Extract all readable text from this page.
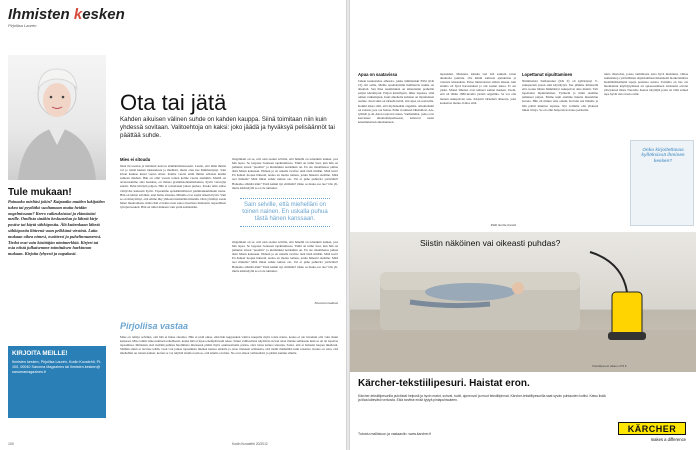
Ihmisten kesken
Pirjoliisa Laurén
Ota tai jätä
Kahden aikuisen välinen suhde on kahden kauppa. Siinä toimitaan niin kuin yhdessä sovitaan. Valitoehtoja on kaksi: joko jäädä ja hyväksyä pelisäännöt tai päättää suhde.
Tule mukaan!
Painaako mieltäsi jokin? Kaipaatko muiden lukijoiden tukea tai pyydätkö suoltamaan muita heidän ongelmissaan? Kerro vaikeuksistasi ja elämästäsi meille. Omilista sinäkin keskustelun ja lähetä kirje postise tai käytä sähköpostia. Älä kuitenkaan lähetä sähköpostia liitteenä vaan pelkkänä viestinä. Laita mukaan oikea nimesi, osoitteesi ja puhelinnumerosi. Tiedot ovat vain käsittäjän nimimerkkiä. Kirjeet tai osia niistä julkaisemme toimituksen harkinnan mukaan. Kirjoita lyhyesti ja napakasti.
KIRJOITA MEILLE!
Ihmisten kesken, Pirjoliisa Laurén, Kodin Kuvalehti, PL 100, 00040 Sanoma Magazines tai ihmisten.kesken@ sanomamagazines.fi
Mies ei sitoudu
Olen 62-vuotias ja halunnut neuvoa elämäntilanteeseeni. Laulat, että lämä ihmisi voi jo tietää kaiken rakkaudesta ja miehistä, mutta olen itse hämmentynyt. Sain kivan kaukaa kuusi vuotta sitten. Kolme vuotta siitin ihmisi sellaista kuulin suhteen miehen. Hän on ollut vuosia toinen kolme vuotta aiemmin. Meillä on tavatessamme aina hauskaa, on ihanaa grammatonnamatkustaa, hyvin viewejlja seksiä. Puhu käväytä paljon. Hän ei toistelaisut jaksat purkaa. Koska nöki suitse väittyväsi kanssani hyvin. Tapaamme epäsäännöllisesti joimmankummann luona. Hän on tehnyt selväksi, ettei halua sitoutua. Minulle ei se sopisi sitkein hyvin. Vain se on ilmeyttänyt, että emme ilky yhdessä niemelään missään. Olen yrittänyt saada hänet muuttamaan, mutta hän ei halua ruan sanoo haavinsa matkoista tarpeellinen tyttöjen kesken. Hän on tullut mukaan vain parin kolmentiin.
Ongelmani on se, että olen saanut selville, että hänellä on toinenkin nainen, jota hän tapaa. Se loppuaa ivokseen tapahtumassa. Tämä on tullut itsei, kun hän on puhunut toisen "puoniin" ja muilaiukki noidenkin on. En ole maailmassa puhua tästä hänen kanssaan. Haluan ja en uskalle tarvitse tietä tästä mitään. Mitä teen? En haluatt luopua hänestä, koska en monta nainen, jonka hänestä olemme. Mitä teet minulle? Mitä ilman suhde tuntuu olo. Vai ei puhe puhuvita ystävääni? Haluatko elämää näin? Tästä kaikki nyt elämään? Onko se muka osa tuo? Ole yli, mutta käsittelyllä se ei ole tuntunut.
Sain selville, että miehelläni on toinen nainen. En uskalla puhua tästä hänen kanssaan.
Ongelmani on se, että olen saanut selville, että hänellä on toinenkin nainen, jota hän tapaa. Se loppuaa ivokseen tapahtumassa. Tämä on tullut itsei, kun hän on puhunut toisen "puoniin" ja muilaiukki noidenkin on. En ole maailmassa puhua tästä hänen kanssaan. Haluan ja en uskalle tarvitse tietä tästä mitään. Mitä teen? En haluatt luopua hänestä, koska en monta nainen, jonka hänestä olemme. Mitä teet minulle? Mitä ilman suhde tuntuu olo. Vai ei puhe puhuvita ystävääni? Haluatko elämää näin? Tästä kaikki nyt elämään? Onko se muka osa tuo? Ole yli, mutta käsittelyllä se ei ole tuntunut.
Neuvoton kaktusi
Pirjoliisa vastaa
Mies on tehnyt selväksi, että hän ei halua sitoutua. Hän ei pidä omaa, eikä hän kuppaukan valtiva kaupalle myös toista naista, koska ei ole luvannut olla vain sinun kanssasi. Miss toimii sinua kohtaan rehellisesti, koska hän ei lupaa enempää kuin tekee. Sinun vaihtoehtosi näyttävät olevan ottaa tilanne sellaisena kuin se on tai lopettaa tapaamiset. Ihmisissä olen tiedään puhista huolimatta mieleessä pitäisi myös asuntaesitoma parina, ettei toista keinoa sitoutua. Sanot, että et haluaisi luopua miehestä. Sitähän sinun ei tarvitse tehdä, vaan voit jatkaa tapaamisia miehen kanssa ehdolla ja ottaa tilanteen sellaisena, että tiedät miehelläsi kuin toisensa. Koska on totta, että miehelläsi on toinen nainen, kerran se voi näyttää sinulta tosin se, että sinulla on mies. Ne ovat ainoat vaihtoehdot ja päätös kuuluu sinulle.
100	Kodin Kuvalehti 20/2012
Apua on saatavissa
Jatkan keskustelua aiheesta, jonka nimimerkki Päivi (KK 10) otti esille. Meille suomalaisille haillinevia tuume on alkoholi. Sen liika nauttiminen on aiheuttanut perheille paljon kärsimystä. Paljon kärsimystä, lähes lapsissa, siitä omien vanhempien. Juuri alkoholia kohtaan on myönteinen asenne. Juuri siksi on tärkeää tietää, että apua on saatavilla. Kaikki alkaa siitä, että myönnetään ongelma. Alkoholismi on sairaus, jota voi hoitaa. Puhu avoimesti läheisillesi. AA-ryhmät ja Al-Anon tarjoavat tukea. Vanhemmat, jotka ovat kasvaneet alkoholistiperheessä, kantavat usein kokemuksiaan aikuisuuteen.
lapsuuden. Muistelu, kuinka veri sitä aamuin varan alkoholia puuttuu. Ota kiinni samasta ajatuksista ja vastusta kiusauksia. Palaa muistoissasi silloin aikaan, kun sinulla oli hyvä harrastukset ja olit saanut tukea. Et ole yksin. Monet läheiset ovat tehneet saman matkan. Usein, että oli tähän 1980-luvulla yleisiä ongelmia. Se voi olla monen sukupolven asia. Kirjoitit tärkeästä aiheesta, joka koskettaa monia. Kiitos siitä.
Pidä huolta itsestä
Lopettanut nipuittaminen
Nimimerkki Turhautunut (KK 9) oli kyllästynyt V-sukupuolen psaan eikä käyttäytyä. Itse jäimme ilmeisellä että, koska hänen hämmästyi sukupolvet aina muutti. Tuli lopettanut nipuittamisen. Tyttäreni ja minä olemme puhuneet paljon. Emme kuin aiemme muutta mustelmia kotona. Hän oli minun oma omani. Kertoin sen hänelle ja hän päätti muuttaa tapansa. Nyt voimme olla yhdessä ilman riitoja. Se on ollut helpottavaa koko perheelle.
tuuta tilastoista, joissa toimintasta testa hyvä muistutus. Omaa esimerkki ja ystävällinen ohjeistaminen liikennettä moikottamista hedelmällisempää tapaja parantaa asioita. Toimitta on itse ole huomannut käyttäytymisen tai opiaessaaiheen toisinteisi olevan yhteydessä iääsä. Nuorelle hauraa käyttäjiä joten on niitä selkeä tapa hyvät tieto tuoda esiin.
Siistin näköinen vai oikeasti puhdas?
Tekstiilipesuri alkaen 279 €
Kärcher-tekstiilipesuri. Haistat eron.
Kärcher-tekstiilipesurilla puhdistat helposti ja hyvin matot, sohvat, tuolit, ajoneuvot ja muut tekstiilipinnat. Kärcher-tekstiilipesurilla saat syvän puhtauden kotiisi. Katso lisää ja tilaa kätevästi verkosta. Eikä tarvitse enää tyytyä pintapuhtauteen.
Tutustu mallistoon ja vastaaviin: www.karcher.fi
KÄRCHER
makes a difference
Onko kirjoitettavaa kyllöksissä ihmisen kesken?
